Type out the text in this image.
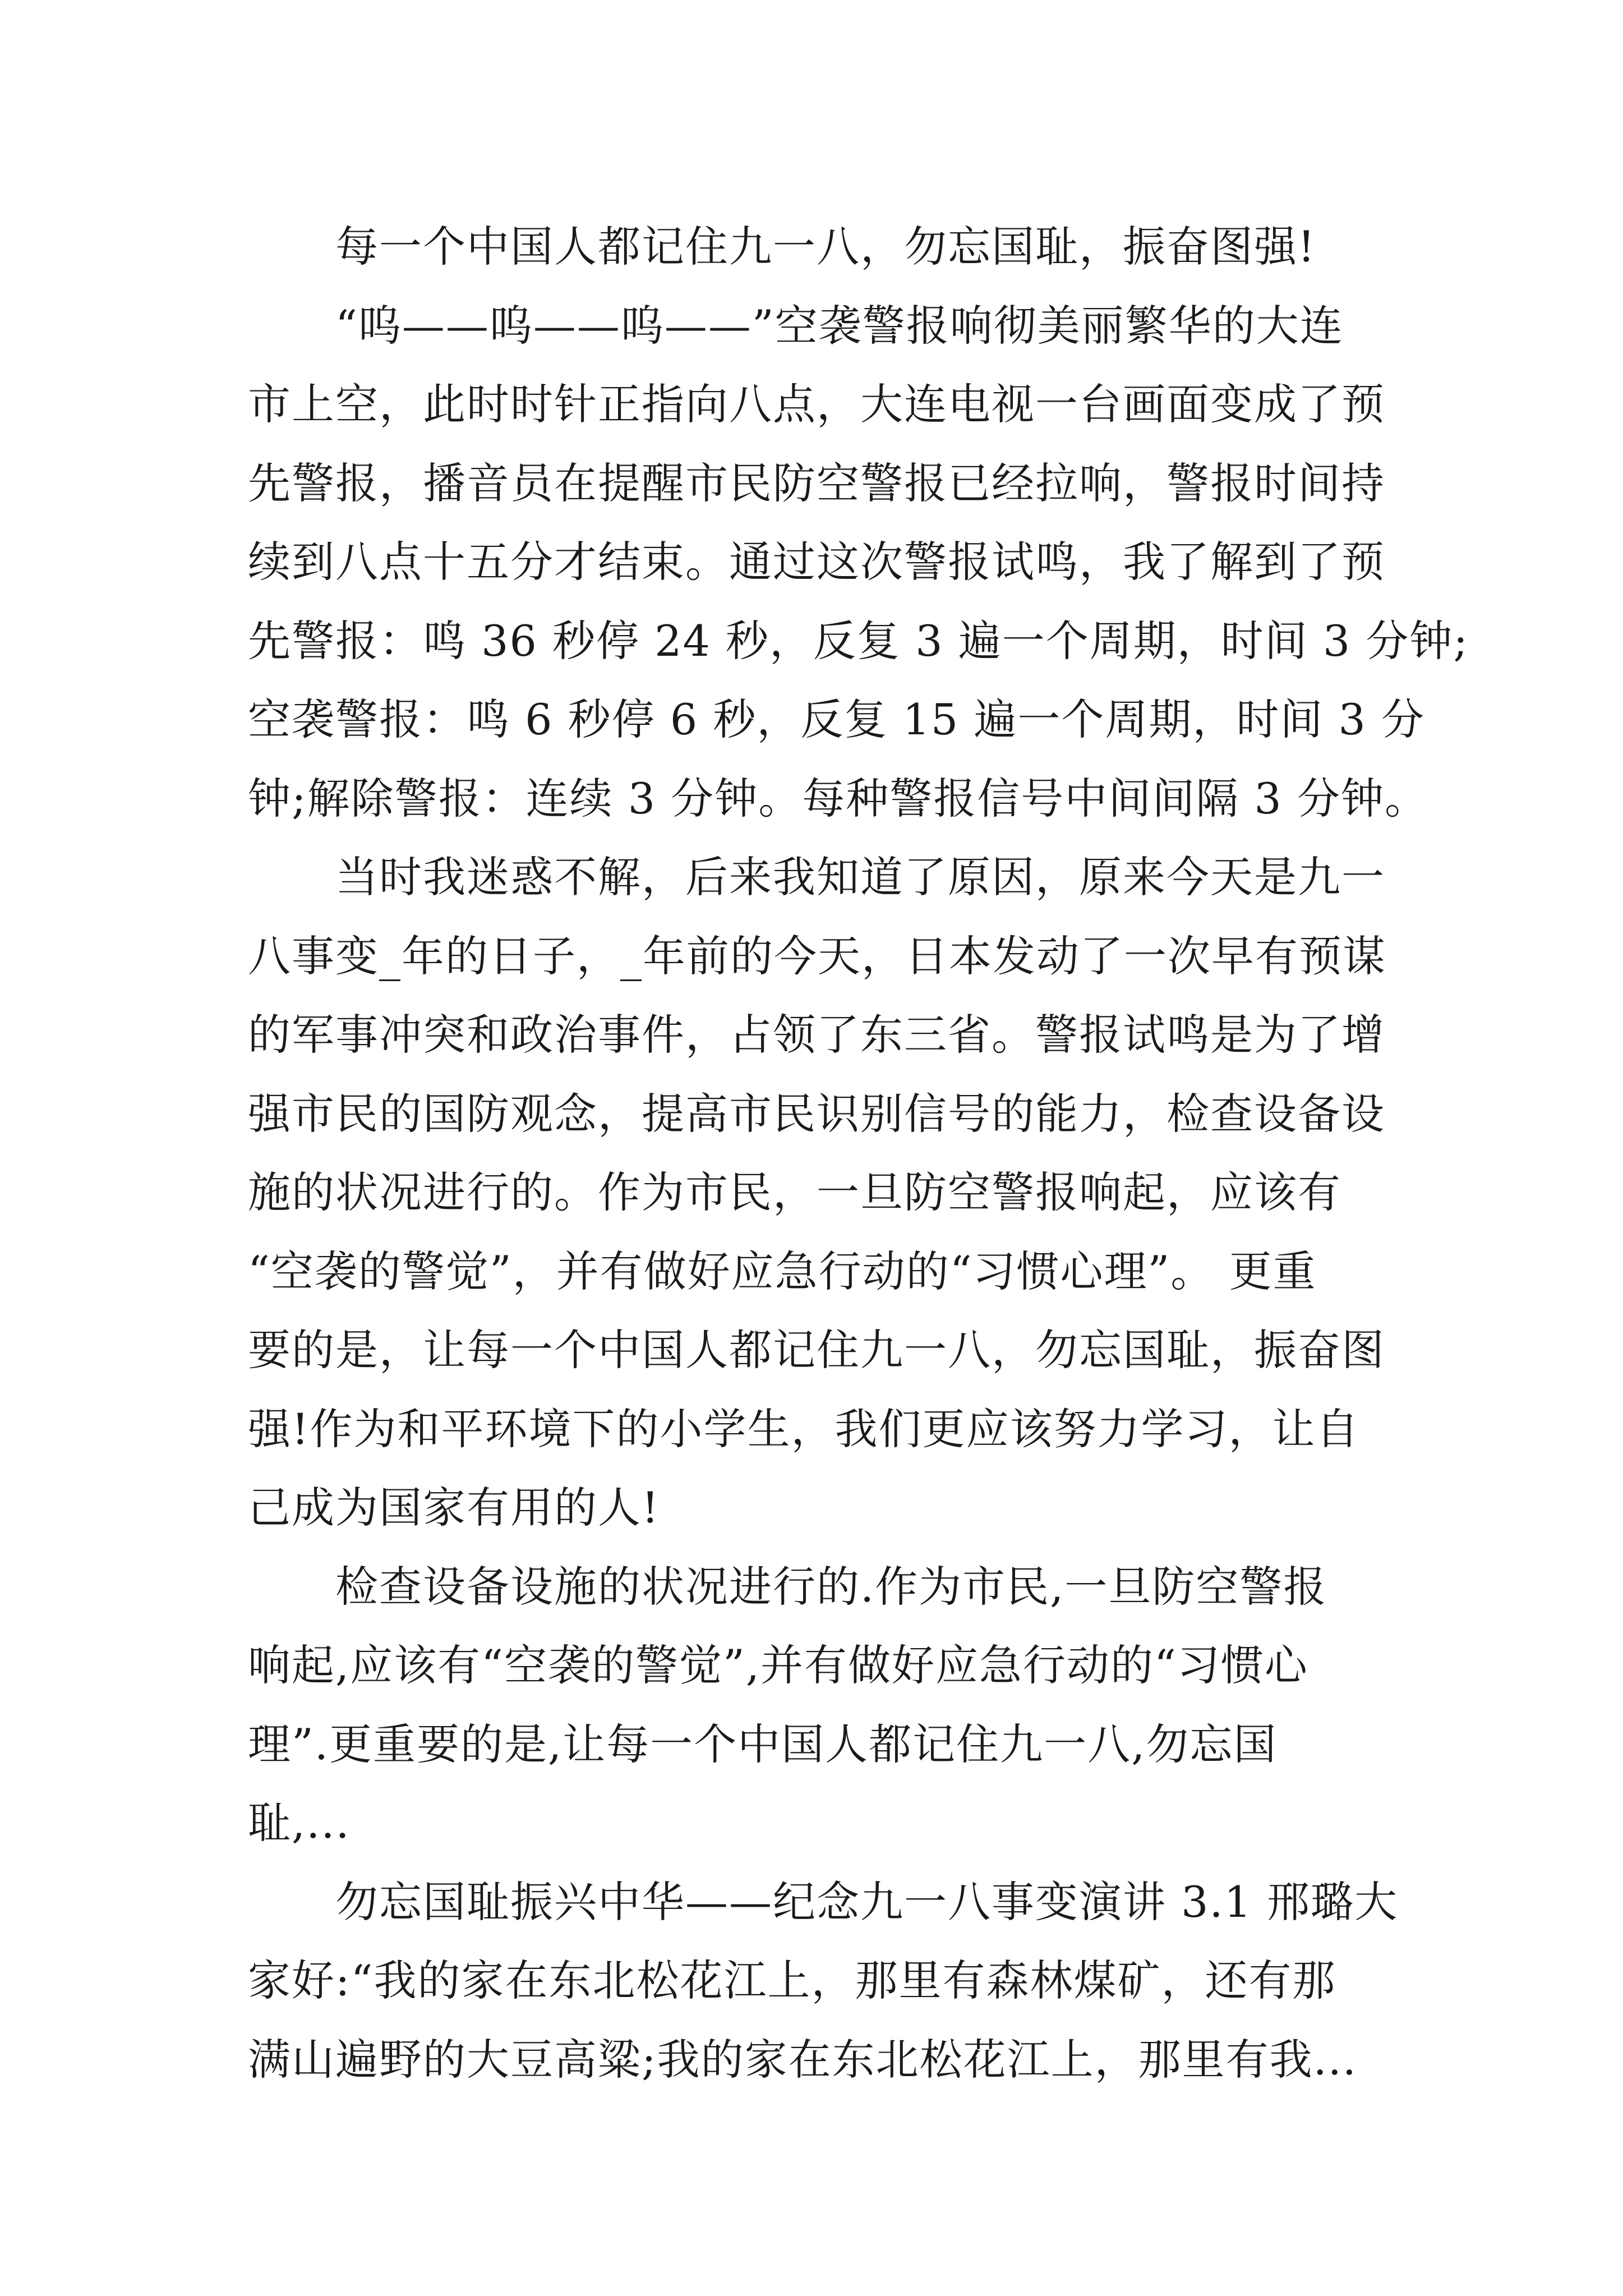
　　每一个中国人都记住九一八，勿忘国耻，振奋图强!
　　“呜——呜——呜——”空袭警报响彻美丽繁华的大连
市上空，此时时针正指向八点，大连电视一台画面变成了预
先警报，播音员在提醒市民防空警报已经拉响，警报时间持
续到八点十五分才结束。通过这次警报试鸣，我了解到了预
先警报：鸣 36 秒停 24 秒，反复 3 遍一个周期，时间 3 分钟;
空袭警报：鸣 6 秒停 6 秒，反复 15 遍一个周期，时间 3 分
钟;解除警报：连续 3 分钟。每种警报信号中间间隔 3 分钟。
　　当时我迷惑不解，后来我知道了原因，原来今天是九一
八事变_年的日子，_年前的今天，日本发动了一次早有预谋
的军事冲突和政治事件，占领了东三省。警报试鸣是为了增
强市民的国防观念，提高市民识别信号的能力，检查设备设
施的状况进行的。作为市民，一旦防空警报响起，应该有
“空袭的警觉”，并有做好应急行动的“习惯心理”。 更重
要的是，让每一个中国人都记住九一八，勿忘国耻，振奋图
强!作为和平环境下的小学生，我们更应该努力学习，让自
己成为国家有用的人!
　　检查设备设施的状况进行的.作为市民,一旦防空警报
响起,应该有“空袭的警觉”,并有做好应急行动的“习惯心
理”.更重要的是,让每一个中国人都记住九一八,勿忘国
耻,...
　　勿忘国耻振兴中华——纪念九一八事变演讲 3.1 邢璐大
家好:“我的家在东北松花江上，那里有森林煤矿，还有那
满山遍野的大豆高粱;我的家在东北松花江上，那里有我...
